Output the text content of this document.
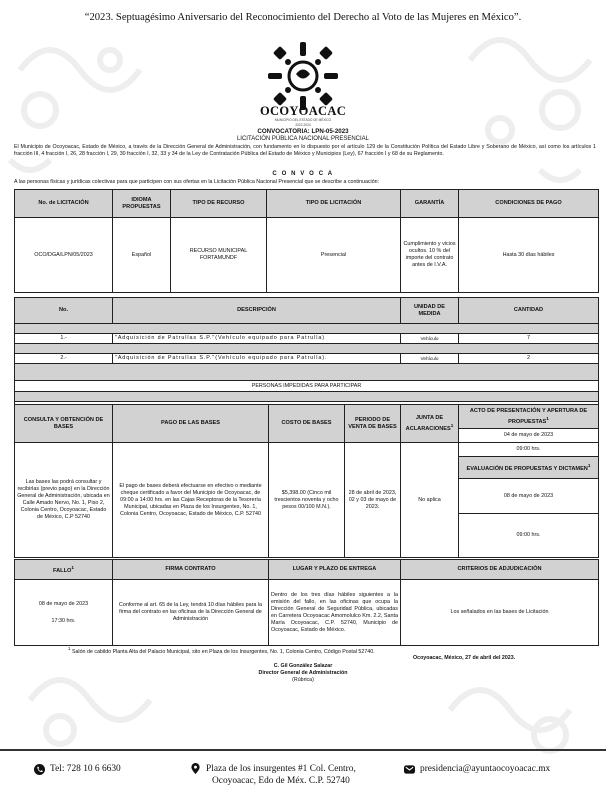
“2023. Septuagésimo Aniversario del Reconocimiento del Derecho al Voto de las Mujeres en México”.
OCOYOACAC
MUNICIPIO DEL ESTADO DE MÉXICO
2022-2024
CONVOCATORIA: LPN-05-2023
LICITACIÓN PÚBLICA NACIONAL PRESENCIAL
El Municipio de Ocoyoacac, Estado de México, a través de la Dirección General de Administración, con fundamento en lo dispuesto por el artículo 129 de la Constitución Política del Estado Libre y Soberano de México, así como los artículos 1 fracción III, 4 fracción I, 26, 28 fracción I, 29, 30 fracción I, 32, 33 y 34 de la Ley de Contratación Pública del Estado de México y Municipios (Ley), 67 fracción I y 68 de su Reglamento.
C O N V O C A
A las personas físicas y jurídicas colectivas para que participen con sus ofertas en la Licitación Pública Nacional Presencial que se describe a continuación:
No. de LICITACIÓN	IDIOMA PROPUESTAS	TIPO DE RECURSO	TIPO DE LICITACIÓN	GARANTÍA	CONDICIONES DE PAGO
OCO/DGA/LPN/05/2023	Español	RECURSO MUNICIPAL FORTAMUNDF	Presencial	Cumplimiento y vicios ocultos. 10 % del importe del contrato antes de I.V.A.	Hasta 30 días hábiles
No.	DESCRIPCIÓN	UNIDAD DE MEDIDA	CANTIDAD

1.-	"Adquisición de Patrullas S.P."(Vehículo equipado para Patrulla)	Vehículo	7

2.-	"Adquisición de Patrullas S.P."(Vehículo equipado para Patrulla).	Vehículo	2

PERSONAS IMPEDIDAS PARA PARTICIPAR			

CONSULTA Y OBTENCIÓN DE BASES	PAGO DE LAS BASES	COSTO DE BASES	PERIODO DE VENTA DE BASES	JUNTA DE ACLARACIONES$^1$	ACTO DE PRESENTACIÓN Y APERTURA DE PROPUESTAS$^1$
					04 de mayo de 2023
Las bases las podrá consultar y recibirlas (previo pago) en la Dirección General de Administración, ubicada en Calle Amado Nervo, No. 1, Piso 2, Colonia Centro, Ocoyoacac, Estado de México, C.P 52740	El pago de bases deberá efectuarse en efectivo o mediante cheque certificado a favor del Municipio de Ocoyoacac, de 09:00 a 14:00 hrs. en las Cajas Receptoras de la Tesorería Municipal, ubicadas en Plaza de los Insurgentes, No. 1, Colonia Centro, Ocoyoacac, Estado de México, C.P. 52740	$5,398.00 (Cinco mil trescientos noventa y ocho pesos 00/100 M.N.).	28 de abril de 2023, 02 y 03 de mayo de 2023.	No aplica	09:00 hrs.
					EVALUACIÓN DE PROPUESTAS Y DICTAMEN$^1$
					08 de mayo de 2023
					09:00 hrs.
FALLO$^1$	FIRMA CONTRATO	LUGAR Y PLAZO DE ENTREGA	CRITERIOS DE ADJUDICACIÓN

08 de mayo de 2023
17:30 hrs.	Conforme al art. 65 de la Ley, tendrá 10 días hábiles para la firma del contrato en las oficinas de la Dirección General de Administración	Dentro de los tres días hábiles siguientes a la emisión del fallo, en las oficinas que ocupa la Dirección General de Seguridad Pública, ubicadas en Carretera Ocoyoacac Amomolulco Km. 2.2, Santa María Ocoyoacac, C.P. 52740, Municipio de Ocoyoacac, Estado de México.	Los señalados en las bases de Licitación
$^1$ Salón de cabildo Planta Alta del Palacio Municipal, sito en Plaza de los Insurgentes, No. 1, Colonia Centro, Código Postal 52740.
Ocoyoacac, México, 27 de abril del 2023.
C. Gil González Salazar
Director General de Administración
(Rúbrica)
Tel: 728 10 6 6630	Plaza de los insurgentes #1 Col. Centro,
Ocoyoacac, Edo de Méx. C.P. 52740
presidencia@ayuntaocoyoacac.mx
